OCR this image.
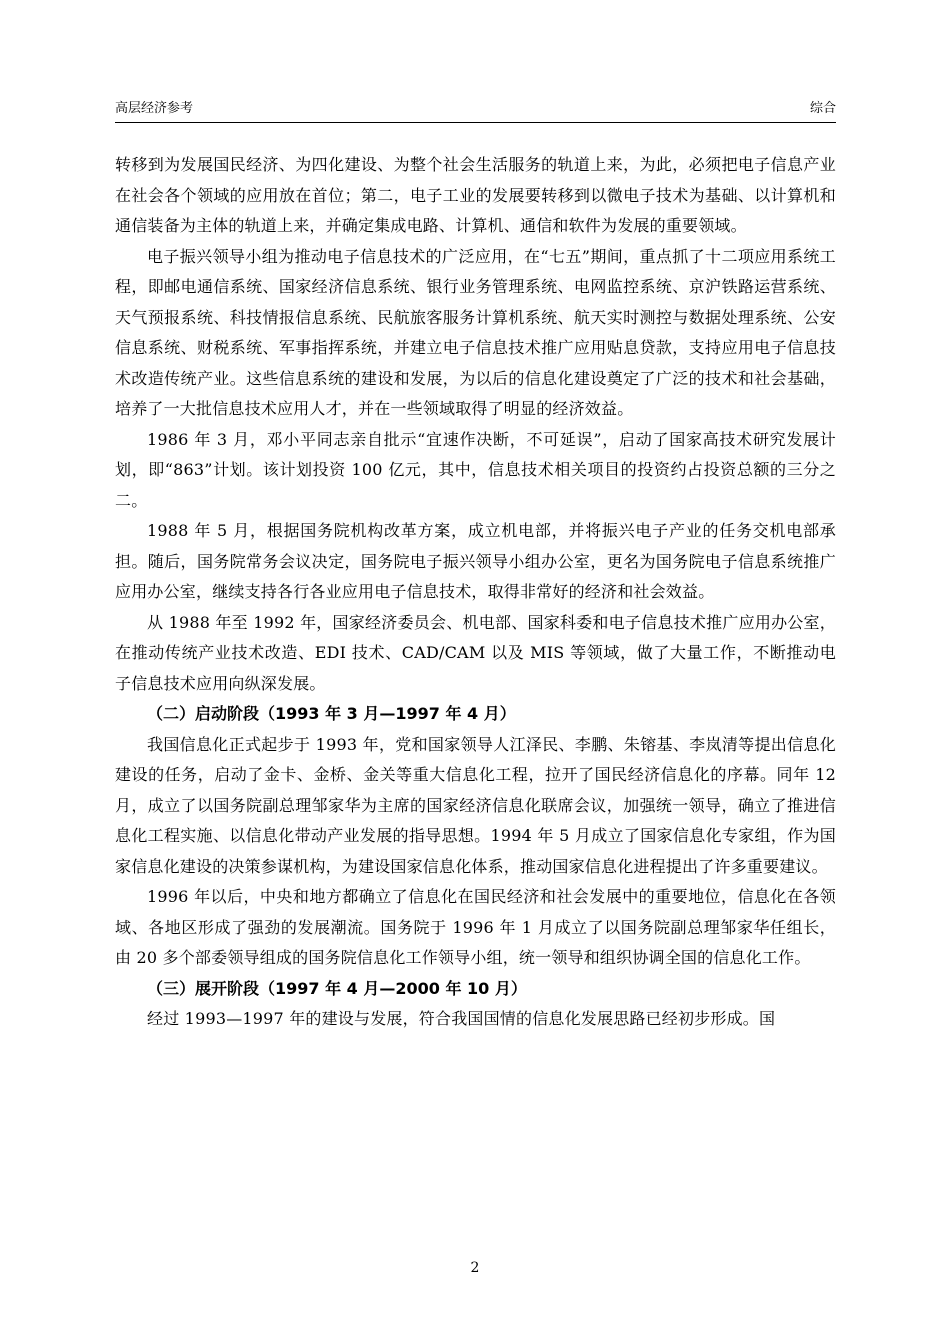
高层经济参考	综合

转移到为发展国民经济、为四化建设、为整个社会生活服务的轨道上来，为此，必须把电子信息产业在社会各个领域的应用放在首位；第二，电子工业的发展要转移到以微电子技术为基础、以计算机和通信装备为主体的轨道上来，并确定集成电路、计算机、通信和软件为发展的重要领域。

电子振兴领导小组为推动电子信息技术的广泛应用，在“七五”期间，重点抓了十二项应用系统工程，即邮电通信系统、国家经济信息系统、银行业务管理系统、电网监控系统、京沪铁路运营系统、天气预报系统、科技情报信息系统、民航旅客服务计算机系统、航天实时测控与数据处理系统、公安信息系统、财税系统、军事指挥系统，并建立电子信息技术推广应用贴息贷款，支持应用电子信息技术改造传统产业。这些信息系统的建设和发展，为以后的信息化建设奠定了广泛的技术和社会基础，培养了一大批信息技术应用人才，并在一些领域取得了明显的经济效益。

1986 年 3 月，邓小平同志亲自批示“宜速作决断，不可延误”，启动了国家高技术研究发展计划，即“863”计划。该计划投资 100 亿元，其中，信息技术相关项目的投资约占投资总额的三分之二。

1988 年 5 月，根据国务院机构改革方案，成立机电部，并将振兴电子产业的任务交机电部承担。随后，国务院常务会议决定，国务院电子振兴领导小组办公室，更名为国务院电子信息系统推广应用办公室，继续支持各行各业应用电子信息技术，取得非常好的经济和社会效益。

从 1988 年至 1992 年，国家经济委员会、机电部、国家科委和电子信息技术推广应用办公室，在推动传统产业技术改造、EDI 技术、CAD/CAM 以及 MIS 等领域，做了大量工作，不断推动电子信息技术应用向纵深发展。

（二）启动阶段（1993 年 3 月—1997 年 4 月）

我国信息化正式起步于 1993 年，党和国家领导人江泽民、李鹏、朱镕基、李岚清等提出信息化建设的任务，启动了金卡、金桥、金关等重大信息化工程，拉开了国民经济信息化的序幕。同年 12 月，成立了以国务院副总理邹家华为主席的国家经济信息化联席会议，加强统一领导，确立了推进信息化工程实施、以信息化带动产业发展的指导思想。1994 年 5 月成立了国家信息化专家组，作为国家信息化建设的决策参谋机构，为建设国家信息化体系，推动国家信息化进程提出了许多重要建议。

1996 年以后，中央和地方都确立了信息化在国民经济和社会发展中的重要地位，信息化在各领域、各地区形成了强劲的发展潮流。国务院于 1996 年 1 月成立了以国务院副总理邹家华任组长，由 20 多个部委领导组成的国务院信息化工作领导小组，统一领导和组织协调全国的信息化工作。

（三）展开阶段（1997 年 4 月—2000 年 10 月）

经过 1993—1997 年的建设与发展，符合我国国情的信息化发展思路已经初步形成。国

2
